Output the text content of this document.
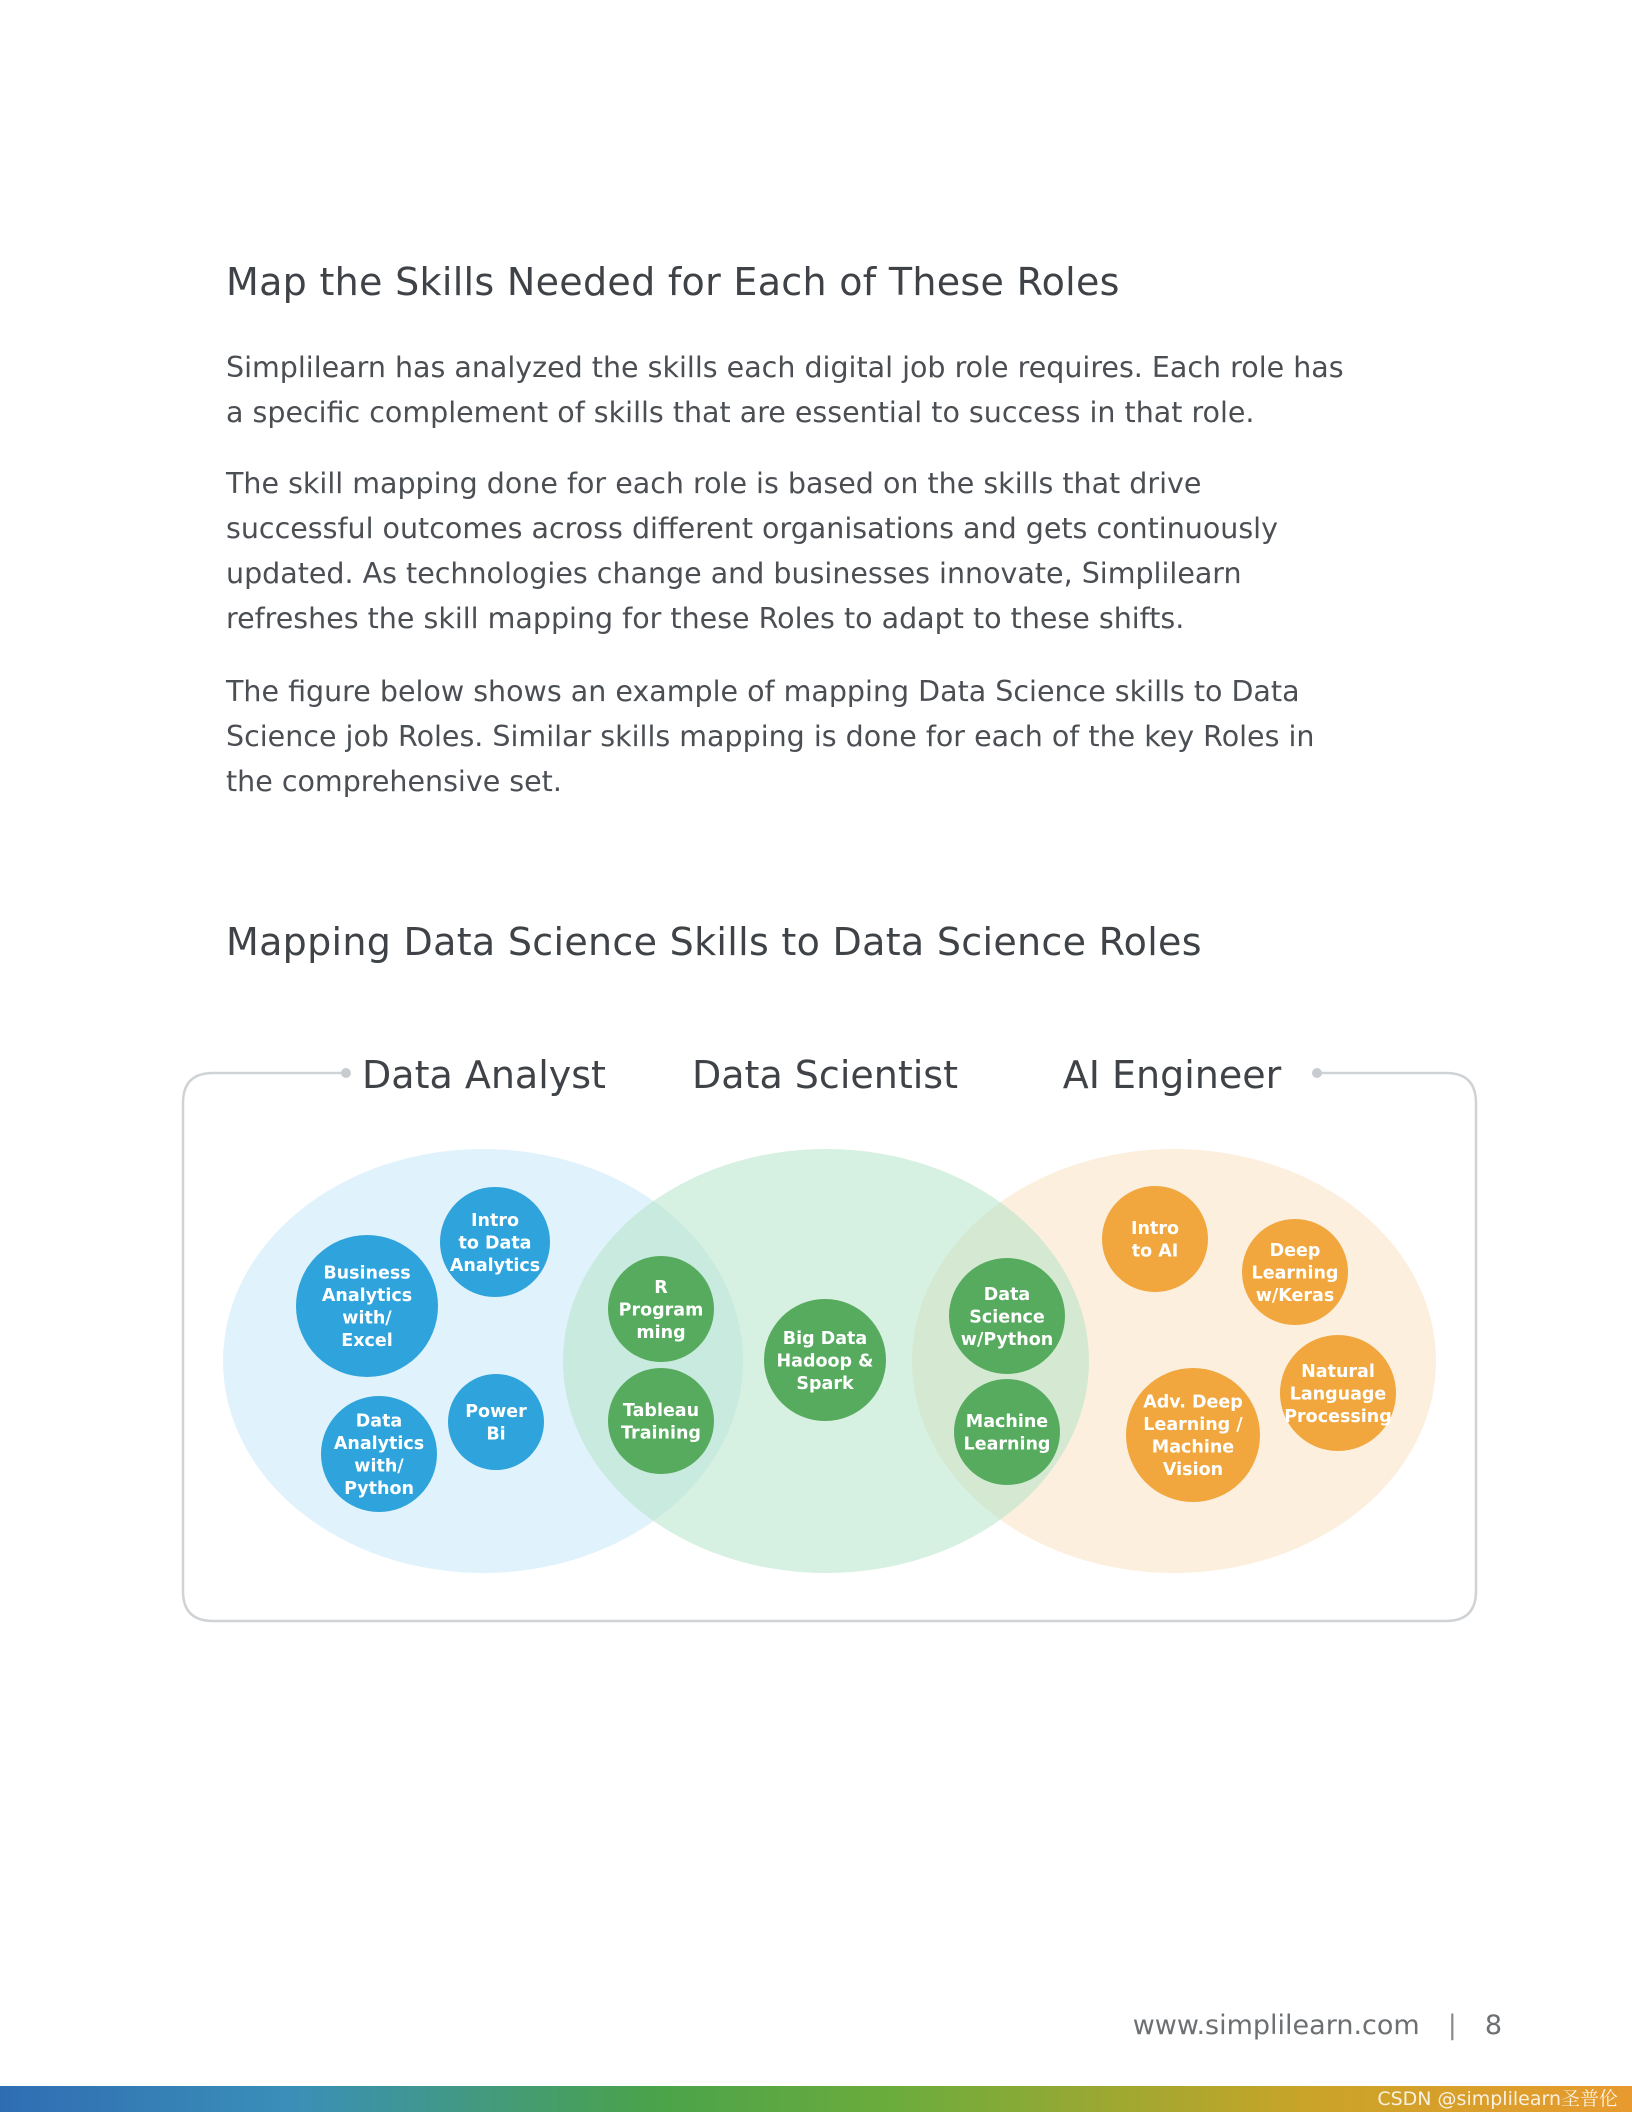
Map the Skills Needed for Each of These Roles

Simplilearn has analyzed the skills each digital job role requires. Each role has a specific complement of skills that are essential to success in that role.

The skill mapping done for each role is based on the skills that drive successful outcomes across different organisations and gets continuously updated. As technologies change and businesses innovate, Simplilearn refreshes the skill mapping for these Roles to adapt to these shifts.

The figure below shows an example of mapping Data Science skills to Data Science job Roles. Similar skills mapping is done for each of the key Roles in the comprehensive set.

Mapping Data Science Skills to Data Science Roles
Data Analyst Data Scientist	AI Engineer
Intro
to Data
Analytics
Business
Analytics
with/
Excel
Power
Bi
Data
Analytics
with/
Python
R
Program
ming
Tableau
Training
Big Data
Hadoop &
Spark
Data
Science
w/Python
Machine
Learning
Intro
to AI	Deep
Learning
w/Keras
Natural
Language
Processing
Adv. Deep
Learning /
Machine
Vision
www.simplilearn.com | 8
CSDN @simplilearn圣普伦
